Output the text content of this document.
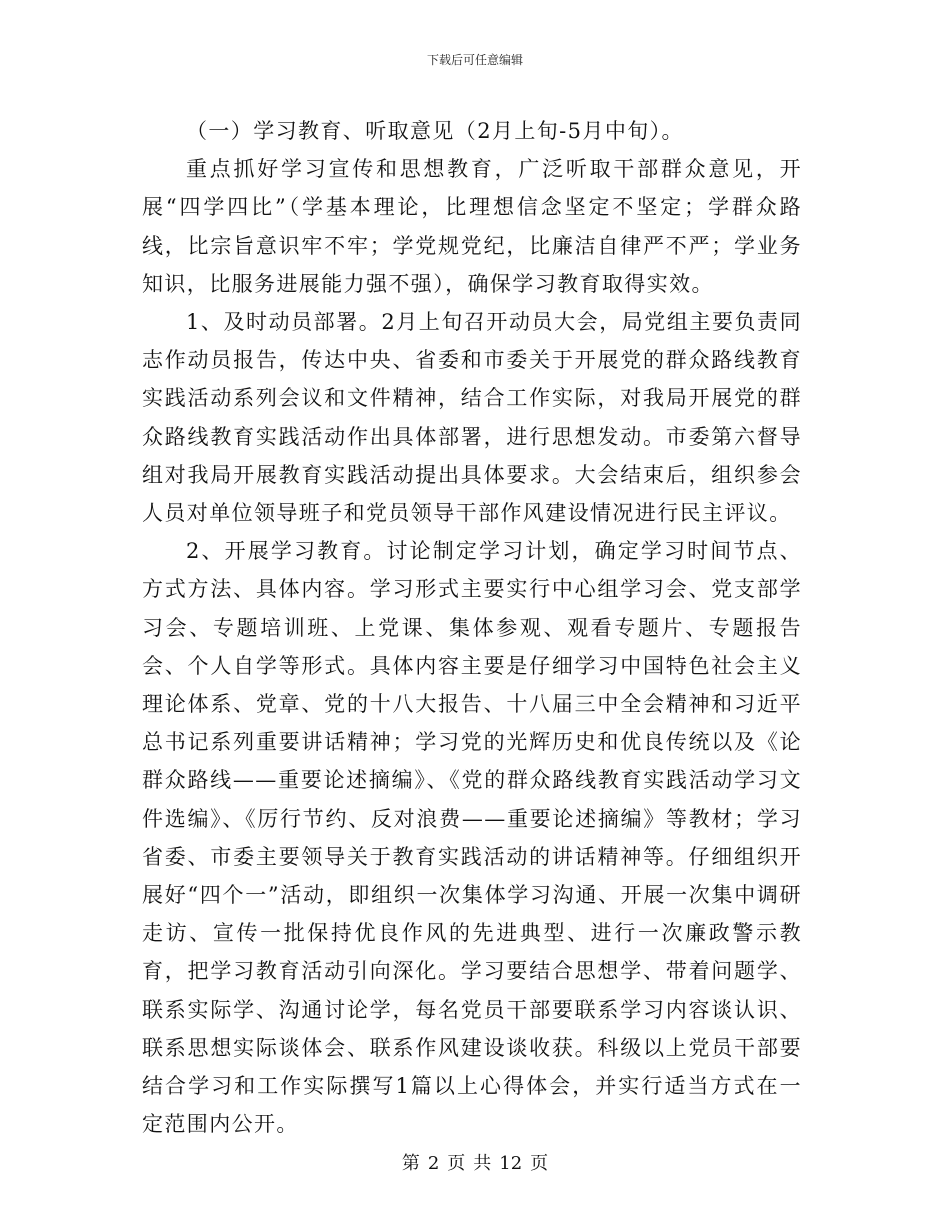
下载后可任意编辑

（一）学习教育、听取意见（2月上旬-5月中旬）。

重点抓好学习宣传和思想教育，广泛听取干部群众意见，开展“四学四比”（学基本理论，比理想信念坚定不坚定；学群众路线，比宗旨意识牢不牢；学党规党纪，比廉洁自律严不严；学业务知识，比服务进展能力强不强），确保学习教育取得实效。

1、及时动员部署。2月上旬召开动员大会，局党组主要负责同志作动员报告，传达中央、省委和市委关于开展党的群众路线教育实践活动系列会议和文件精神，结合工作实际，对我局开展党的群众路线教育实践活动作出具体部署，进行思想发动。市委第六督导组对我局开展教育实践活动提出具体要求。大会结束后，组织参会人员对单位领导班子和党员领导干部作风建设情况进行民主评议。

2、开展学习教育。讨论制定学习计划，确定学习时间节点、方式方法、具体内容。学习形式主要实行中心组学习会、党支部学习会、专题培训班、上党课、集体参观、观看专题片、专题报告会、个人自学等形式。具体内容主要是仔细学习中国特色社会主义理论体系、党章、党的十八大报告、十八届三中全会精神和习近平总书记系列重要讲话精神；学习党的光辉历史和优良传统以及《论群众路线——重要论述摘编》、《党的群众路线教育实践活动学习文件选编》、《厉行节约、反对浪费——重要论述摘编》等教材；学习省委、市委主要领导关于教育实践活动的讲话精神等。仔细组织开展好“四个一”活动，即组织一次集体学习沟通、开展一次集中调研走访、宣传一批保持优良作风的先进典型、进行一次廉政警示教育，把学习教育活动引向深化。学习要结合思想学、带着问题学、联系实际学、沟通讨论学，每名党员干部要联系学习内容谈认识、联系思想实际谈体会、联系作风建设谈收获。科级以上党员干部要结合学习和工作实际撰写1篇以上心得体会，并实行适当方式在一定范围内公开。

第 2 页 共 12 页
